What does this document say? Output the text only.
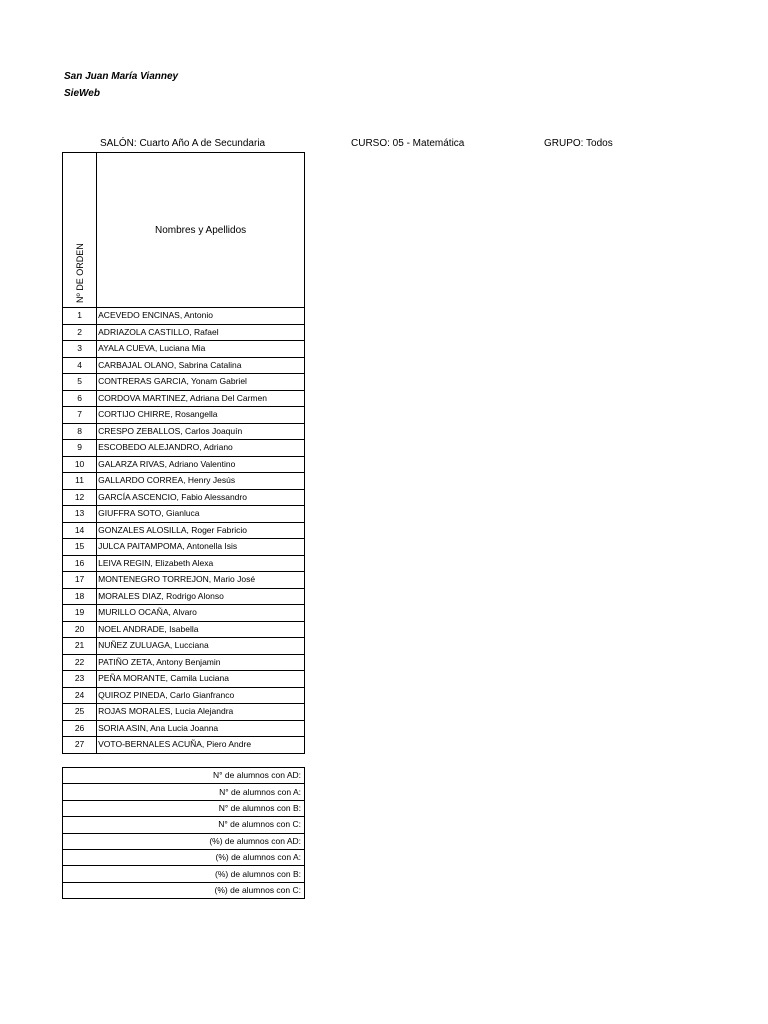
San Juan María Vianney
SieWeb
SALÓN: Cuarto Año A de Secundaria	CURSO: 05 - Matemática	GRUPO: Todos
Nº DE ORDEN	Nombres y Apellidos
1	ACEVEDO ENCINAS, Antonio
2	ADRIAZOLA CASTILLO, Rafael
3	AYALA CUEVA, Luciana Mia
4	CARBAJAL OLANO, Sabrina Catalina
5	CONTRERAS GARCIA, Yonam Gabriel
6	CORDOVA MARTINEZ, Adriana Del Carmen
7	CORTIJO CHIRRE, Rosangella
8	CRESPO ZEBALLOS, Carlos Joaquín
9	ESCOBEDO ALEJANDRO, Adriano
10	GALARZA RIVAS, Adriano Valentino
11	GALLARDO CORREA, Henry Jesús
12	GARCÍA ASCENCIO, Fabio Alessandro
13	GIUFFRA SOTO, Gianluca
14	GONZALES ALOSILLA, Roger Fabricio
15	JULCA PAITAMPOMA, Antonella Isis
16	LEIVA REGIN, Elizabeth Alexa
17	MONTENEGRO TORREJON, Mario José
18	MORALES DIAZ, Rodrigo Alonso
19	MURILLO OCAÑA, Alvaro
20	NOEL ANDRADE, Isabella
21	NUÑEZ ZULUAGA, Lucciana
22	PATIÑO ZETA, Antony Benjamin
23	PEÑA MORANTE, Camila Luciana
24	QUIROZ PINEDA, Carlo Gianfranco
25	ROJAS MORALES, Lucia Alejandra
26	SORIA ASIN, Ana Lucia Joanna
27	VOTO-BERNALES ACUÑA, Piero Andre
N° de alumnos con AD:
N° de alumnos con A:
N° de alumnos con B:
N° de alumnos con C:
(%) de alumnos con AD:
(%) de alumnos con A:
(%) de alumnos con B:
(%) de alumnos con C:
